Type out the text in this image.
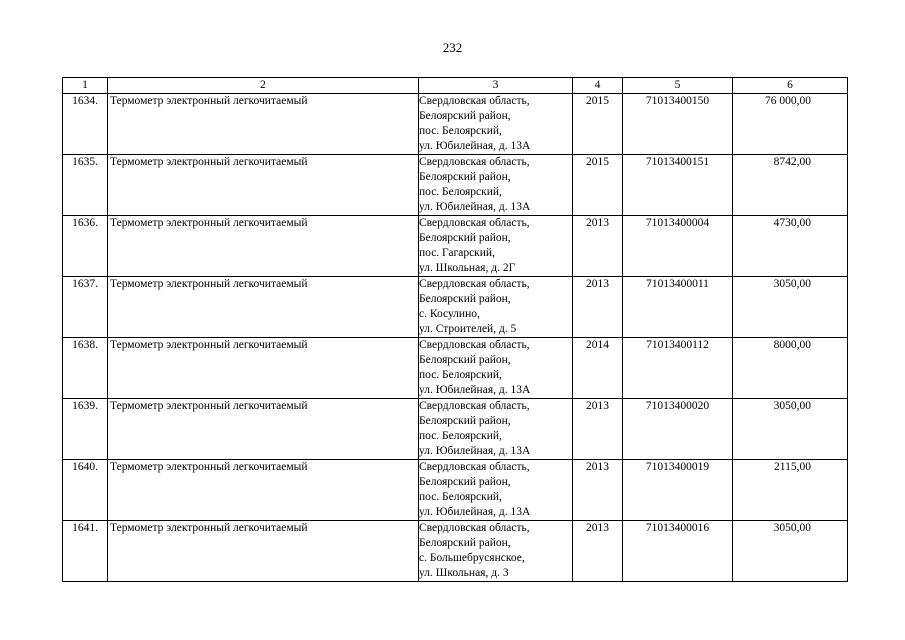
232
1	2	3	4	5	6
1634.	Термометр электронный легкочитаемый	Свердловская область,
Белоярский район,
пос. Белоярский,
ул. Юбилейная, д. 13А	2015	71013400150	76 000,00
1635.	Термометр электронный легкочитаемый	Свердловская область,
Белоярский район,
пос. Белоярский,
ул. Юбилейная, д. 13А	2015	71013400151	8742,00
1636.	Термометр электронный легкочитаемый	Свердловская область,
Белоярский район,
пос. Гагарский,
ул. Школьная, д. 2Г	2013	71013400004	4730,00
1637.	Термометр электронный легкочитаемый	Свердловская область,
Белоярский район,
с. Косулино,
ул. Строителей, д. 5	2013	71013400011	3050,00
1638.	Термометр электронный легкочитаемый	Свердловская область,
Белоярский район,
пос. Белоярский,
ул. Юбилейная, д. 13А	2014	71013400112	8000,00
1639.	Термометр электронный легкочитаемый	Свердловская область,
Белоярский район,
пос. Белоярский,
ул. Юбилейная, д. 13А	2013	71013400020	3050,00
1640.	Термометр электронный легкочитаемый	Свердловская область,
Белоярский район,
пос. Белоярский,
ул. Юбилейная, д. 13А	2013	71013400019	2115,00
1641.	Термометр электронный легкочитаемый	Свердловская область,
Белоярский район,
с. Большебрусянское,
ул. Школьная, д. 3	2013	71013400016	3050,00
